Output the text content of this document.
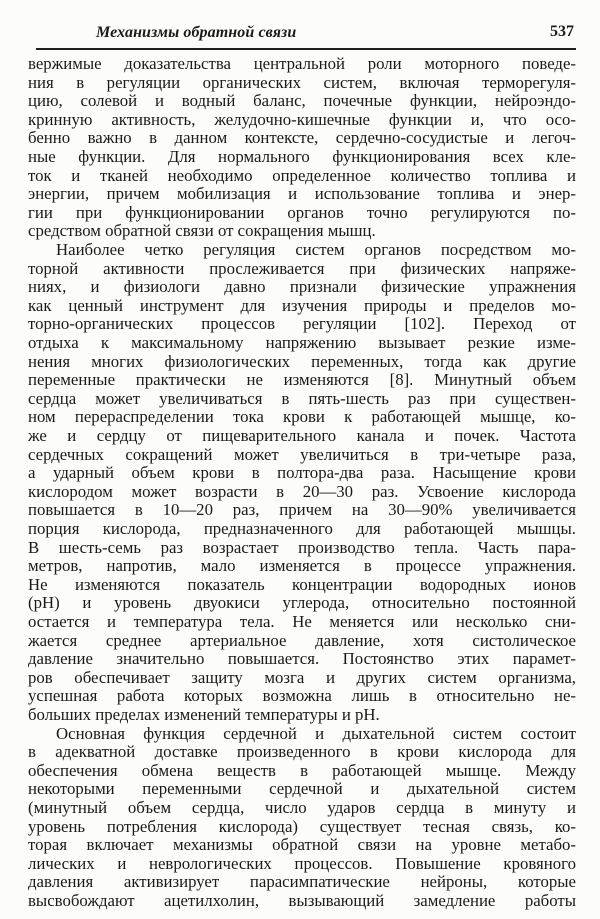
Механизмы обратной связи	537
вержимые доказательства центральной роли моторного поведе-
ния в регуляции органических систем, включая терморегуля-
цию, солевой и водный баланс, почечные функции, нейроэндо-
кринную активность, желудочно-кишечные функции и, что осо-
бенно важно в данном контексте, сердечно-сосудистые и легоч-
ные функции. Для нормального функционирования всех кле-
ток и тканей необходимо определенное количество топлива и
энергии, причем мобилизация и использование топлива и энер-
гии при функционировании органов точно регулируются по-
средством обратной связи от сокращения мышц.
Наиболее четко регуляция систем органов посредством мо-
торной активности прослеживается при физических напряже-
ниях, и физиологи давно признали физические упражнения
как ценный инструмент для изучения природы и пределов мо-
торно-органических процессов регуляции [102]. Переход от
отдыха к максимальному напряжению вызывает резкие изме-
нения многих физиологических переменных, тогда как другие
переменные практически не изменяются [8]. Минутный объем
сердца может увеличиваться в пять-шесть раз при существен-
ном перераспределении тока крови к работающей мышце, ко-
же и сердцу от пищеварительного канала и почек. Частота
сердечных сокращений может увеличиться в три-четыре раза,
а ударный объем крови в полтора-два раза. Насыщение крови
кислородом может возрасти в 20—30 раз. Усвоение кислорода
повышается в 10—20 раз, причем на 30—90% увеличивается
порция кислорода, предназначенного для работающей мышцы.
В шесть-семь раз возрастает производство тепла. Часть пара-
метров, напротив, мало изменяется в процессе упражнения.
Не изменяются показатель концентрации водородных ионов
(рН) и уровень двуокиси углерода, относительно постоянной
остается и температура тела. Не меняется или несколько сни-
жается среднее артериальное давление, хотя систолическое
давление значительно повышается. Постоянство этих парамет-
ров обеспечивает защиту мозга и других систем организма,
успешная работа которых возможна лишь в относительно не-
больших пределах изменений температуры и рН.
Основная функция сердечной и дыхательной систем состоит
в адекватной доставке произведенного в крови кислорода для
обеспечения обмена веществ в работающей мышце. Между
некоторыми переменными сердечной и дыхательной систем
(минутный объем сердца, число ударов сердца в минуту и
уровень потребления кислорода) существует тесная связь, ко-
торая включает механизмы обратной связи на уровне метабо-
лических и неврологических процессов. Повышение кровяного
давления активизирует парасимпатические нейроны, которые
высвобождают ацетилхолин, вызывающий замедление работы
